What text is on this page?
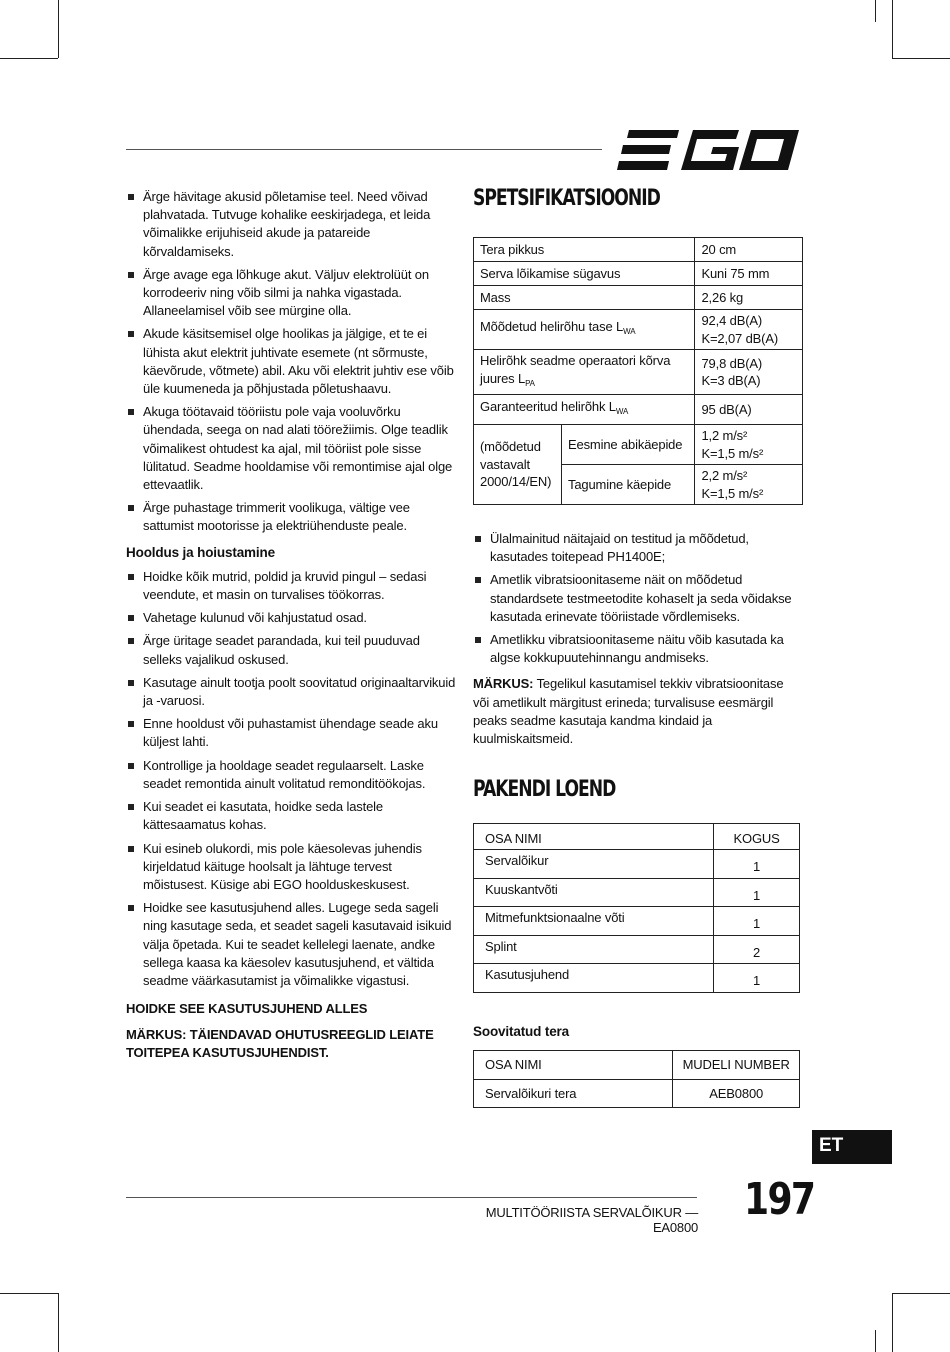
Ärge hävitage akusid põletamise teel. Need võivad plahvatada. Tutvuge kohalike eeskirjadega, et leida võimalikke erijuhiseid akude ja patareide kõrvaldamiseks.
Ärge avage ega lõhkuge akut. Väljuv elektrolüüt on korrodeeriv ning võib silmi ja nahka vigastada. Allaneelamisel võib see mürgine olla.
Akude käsitsemisel olge hoolikas ja jälgige, et te ei lühista akut elektrit juhtivate esemete (nt sõrmuste, käevõrude, võtmete) abil. Aku või elektrit juhtiv ese võib üle kuumeneda ja põhjustada põletushaavu.
Akuga töötavaid tööriistu pole vaja vooluvõrku ühendada, seega on nad alati töörežiimis. Olge teadlik võimalikest ohtudest ka ajal, mil tööriist pole sisse lülitatud. Seadme hooldamise või remontimise ajal olge ettevaatlik.
Ärge puhastage trimmerit voolikuga, vältige vee sattumist mootorisse ja elektriühenduste peale.
Hooldus ja hoiustamine
Hoidke kõik mutrid, poldid ja kruvid pingul – sedasi veendute, et masin on turvalises töökorras.
Vahetage kulunud või kahjustatud osad.
Ärge üritage seadet parandada, kui teil puuduvad selleks vajalikud oskused.
Kasutage ainult tootja poolt soovitatud originaaltarvikuid ja -varuosi.
Enne hooldust või puhastamist ühendage seade aku küljest lahti.
Kontrollige ja hooldage seadet regulaarselt. Laske seadet remontida ainult volitatud remonditöökojas.
Kui seadet ei kasutata, hoidke seda lastele kättesaamatus kohas.
Kui esineb olukordi, mis pole käesolevas juhendis kirjeldatud käituge hoolsalt ja lähtuge tervest mõistusest. Küsige abi EGO hoolduskeskusest.
Hoidke see kasutusjuhend alles. Lugege seda sageli ning kasutage seda, et seadet sageli kasutavaid isikuid välja õpetada. Kui te seadet kellelegi laenate, andke sellega kaasa ka käesolev kasutusjuhend, et vältida seadme väärkasutamist ja võimalikke vigastusi.
HOIDKE SEE KASUTUSJUHEND ALLES
MÄRKUS: TÄIENDAVAD OHUTUSREEGLID LEIATE TOITEPEA KASUTUSJUHENDIST.
SPETSIFIKATSIOONID
Tera pikkus		20 cm
Serva lõikamise sügavus		Kuni 75 mm
Mass		2,26 kg
Mõõdetud helirõhu tase $L_{WA}$		92,4 dB(A)
K=2,07 dB(A)

Helirõhk seadme operaatori kõrva juures $L_{PA}$		79,8 dB(A)
K=3 dB(A)

Garanteeritud helirõhk $L_{WA}$		95 dB(A)
(mõõdetud vastavalt 2000/14/EN)	Eesmine abikäepide	1,2 m/s²
K=1,5 m/s²

	Tagumine käepide	2,2 m/s²
K=1,5 m/s²
Ülalmainitud näitajaid on testitud ja mõõdetud, kasutades toitepead PH1400E;
Ametlik vibratsioonitaseme näit on mõõdetud standardsete testmeetodite kohaselt ja seda võidakse kasutada erinevate tööriistade võrdlemiseks.
Ametlikku vibratsioonitaseme näitu võib kasutada ka algse kokkupuutehinnangu andmiseks.
MÄRKUS: Tegelikul kasutamisel tekkiv vibratsioonitase või ametlikult märgitust erineda; turvalisuse eesmärgil peaks seadme kasutaja kandma kindaid ja kuulmiskaitsmeid.
PAKENDI LOEND
OSA NIMI	KOGUS
Servalõikur	1
Kuuskantvõti	1
Mitmefunktsionaalne võti	1
Splint	2
Kasutusjuhend	1
Soovitatud tera
OSA NIMI	MUDELI NUMBER
Servalõikuri tera	AEB0800
ET
MULTITÖÖRIISTA SERVALÕIKUR — EA0800
197
